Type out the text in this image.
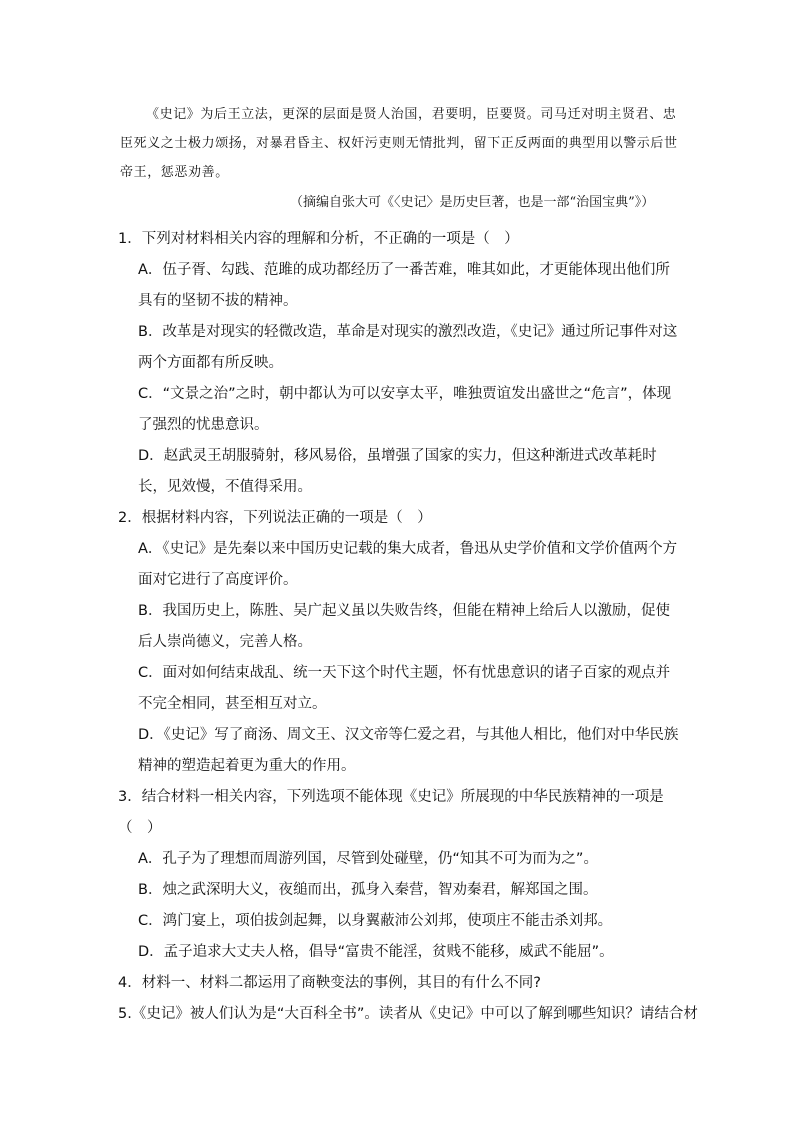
《史记》为后王立法，更深的层面是贤人治国，君要明，臣要贤。司马迁对明主贤君、忠臣死义之士极力颂扬，对暴君昏主、权奸污吏则无情批判，留下正反两面的典型用以警示后世帝王，惩恶劝善。

（摘编自张大可《〈史记〉是历史巨著，也是一部“治国宝典”》）

1．下列对材料相关内容的理解和分析，不正确的一项是（　）

A．伍子胥、勾践、范雎的成功都经历了一番苦难，唯其如此，才更能体现出他们所具有的坚韧不拔的精神。

B．改革是对现实的轻微改造，革命是对现实的激烈改造，《史记》通过所记事件对这两个方面都有所反映。

C．“文景之治”之时，朝中都认为可以安享太平，唯独贾谊发出盛世之“危言”，体现了强烈的忧患意识。

D．赵武灵王胡服骑射，移风易俗，虽增强了国家的实力，但这种渐进式改革耗时长，见效慢，不值得采用。

2．根据材料内容，下列说法正确的一项是（　）

A．《史记》是先秦以来中国历史记载的集大成者，鲁迅从史学价值和文学价值两个方面对它进行了高度评价。

B．我国历史上，陈胜、吴广起义虽以失败告终，但能在精神上给后人以激励，促使后人崇尚德义，完善人格。

C．面对如何结束战乱、统一天下这个时代主题，怀有忧患意识的诸子百家的观点并不完全相同，甚至相互对立。

D．《史记》写了商汤、周文王、汉文帝等仁爱之君，与其他人相比，他们对中华民族精神的塑造起着更为重大的作用。

3．结合材料一相关内容，下列选项不能体现《史记》所展现的中华民族精神的一项是
（　）

A．孔子为了理想而周游列国，尽管到处碰壁，仍“知其不可为而为之”。

B．烛之武深明大义，夜缒而出，孤身入秦营，智劝秦君，解郑国之围。

C．鸿门宴上，项伯拔剑起舞，以身翼蔽沛公刘邦，使项庄不能击杀刘邦。

D．孟子追求大丈夫人格，倡导“富贵不能淫，贫贱不能移，威武不能屈”。

4．材料一、材料二都运用了商鞅变法的事例，其目的有什么不同?

5.《史记》被人们认为是“大百科全书”。读者从《史记》中可以了解到哪些知识？请结合材
